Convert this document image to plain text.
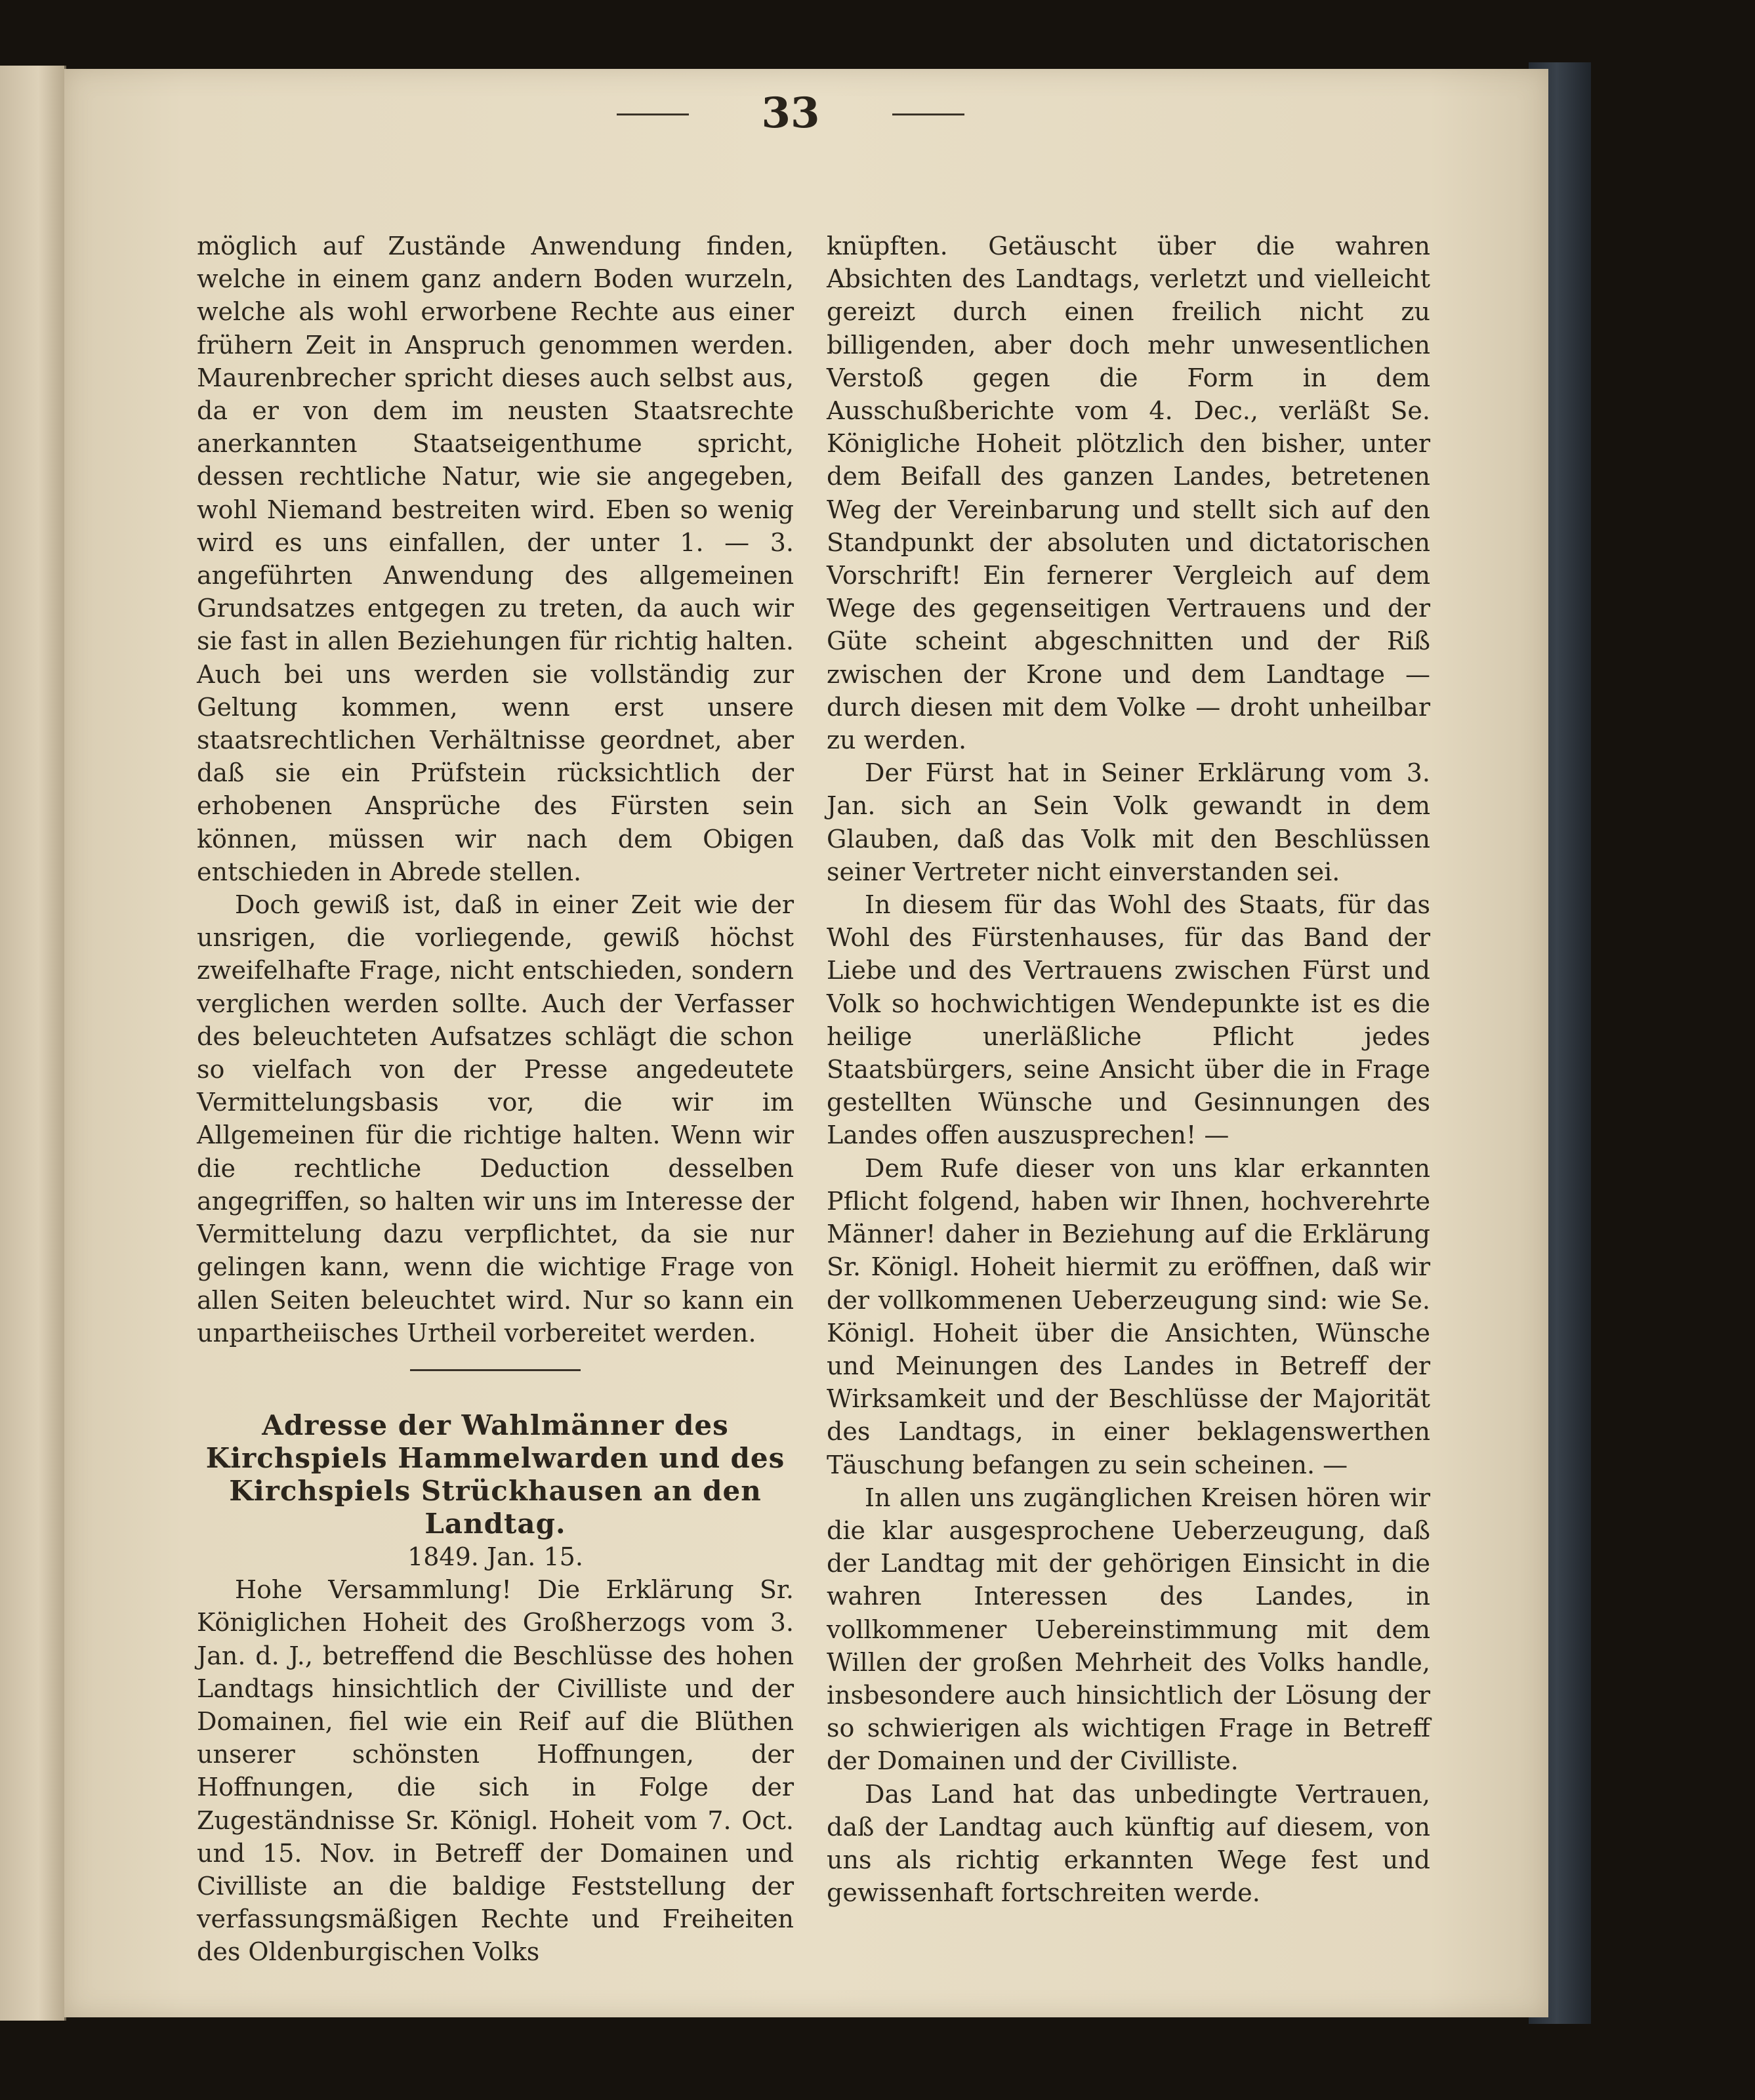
33

möglich auf Zustände Anwendung finden, welche in einem ganz andern Boden wurzeln, welche als wohl erworbene Rechte aus einer frühern Zeit in Anspruch genommen werden. Maurenbrecher spricht dieses auch selbst aus, da er von dem im neusten Staatsrechte anerkannten Staatseigenthume spricht, dessen rechtliche Natur, wie sie angegeben, wohl Niemand bestreiten wird. Eben so wenig wird es uns einfallen, der unter 1. — 3. angeführten Anwendung des allgemeinen Grundsatzes entgegen zu treten, da auch wir sie fast in allen Beziehungen für richtig halten. Auch bei uns werden sie vollständig zur Geltung kommen, wenn erst unsere staatsrechtlichen Verhältnisse geordnet, aber daß sie ein Prüfstein rücksichtlich der erhobenen Ansprüche des Fürsten sein können, müssen wir nach dem Obigen entschieden in Abrede stellen.

Doch gewiß ist, daß in einer Zeit wie der unsrigen, die vorliegende, gewiß höchst zweifelhafte Frage, nicht entschieden, sondern verglichen werden sollte. Auch der Verfasser des beleuchteten Aufsatzes schlägt die schon so vielfach von der Presse angedeutete Vermittelungsbasis vor, die wir im Allgemeinen für die richtige halten. Wenn wir die rechtliche Deduction desselben angegriffen, so halten wir uns im Interesse der Vermittelung dazu verpflichtet, da sie nur gelingen kann, wenn die wichtige Frage von allen Seiten beleuchtet wird. Nur so kann ein unpartheiisches Urtheil vorbereitet werden.

Adresse der Wahlmänner des Kirchspiels Hammelwarden und des Kirchspiels Strückhausen an den Landtag.

1849. Jan. 15.

Hohe Versammlung! Die Erklärung Sr. Königlichen Hoheit des Großherzogs vom 3. Jan. d. J., betreffend die Beschlüsse des hohen Landtags hinsichtlich der Civilliste und der Domainen, fiel wie ein Reif auf die Blüthen unserer schönsten Hoffnungen, der Hoffnungen, die sich in Folge der Zugeständnisse Sr. Königl. Hoheit vom 7. Oct. und 15. Nov. in Betreff der Domainen und Civilliste an die baldige Feststellung der verfassungsmäßigen Rechte und Freiheiten des Oldenburgischen Volks

knüpften. Getäuscht über die wahren Absichten des Landtags, verletzt und vielleicht gereizt durch einen freilich nicht zu billigenden, aber doch mehr unwesentlichen Verstoß gegen die Form in dem Ausschußberichte vom 4. Dec., verläßt Se. Königliche Hoheit plötzlich den bisher, unter dem Beifall des ganzen Landes, betretenen Weg der Vereinbarung und stellt sich auf den Standpunkt der absoluten und dictatorischen Vorschrift! Ein fernerer Vergleich auf dem Wege des gegenseitigen Vertrauens und der Güte scheint abgeschnitten und der Riß zwischen der Krone und dem Landtage — durch diesen mit dem Volke — droht unheilbar zu werden.

Der Fürst hat in Seiner Erklärung vom 3. Jan. sich an Sein Volk gewandt in dem Glauben, daß das Volk mit den Beschlüssen seiner Vertreter nicht einverstanden sei.

In diesem für das Wohl des Staats, für das Wohl des Fürstenhauses, für das Band der Liebe und des Vertrauens zwischen Fürst und Volk so hochwichtigen Wendepunkte ist es die heilige unerläßliche Pflicht jedes Staatsbürgers, seine Ansicht über die in Frage gestellten Wünsche und Gesinnungen des Landes offen auszusprechen! —

Dem Rufe dieser von uns klar erkannten Pflicht folgend, haben wir Ihnen, hochverehrte Männer! daher in Beziehung auf die Erklärung Sr. Königl. Hoheit hiermit zu eröffnen, daß wir der vollkommenen Ueberzeugung sind: wie Se. Königl. Hoheit über die Ansichten, Wünsche und Meinungen des Landes in Betreff der Wirksamkeit und der Beschlüsse der Majorität des Landtags, in einer beklagenswerthen Täuschung befangen zu sein scheinen. —

In allen uns zugänglichen Kreisen hören wir die klar ausgesprochene Ueberzeugung, daß der Landtag mit der gehörigen Einsicht in die wahren Interessen des Landes, in vollkommener Uebereinstimmung mit dem Willen der großen Mehrheit des Volks handle, insbesondere auch hinsichtlich der Lösung der so schwierigen als wichtigen Frage in Betreff der Domainen und der Civilliste.

Das Land hat das unbedingte Vertrauen, daß der Landtag auch künftig auf diesem, von uns als richtig erkannten Wege fest und gewissenhaft fortschreiten werde.
